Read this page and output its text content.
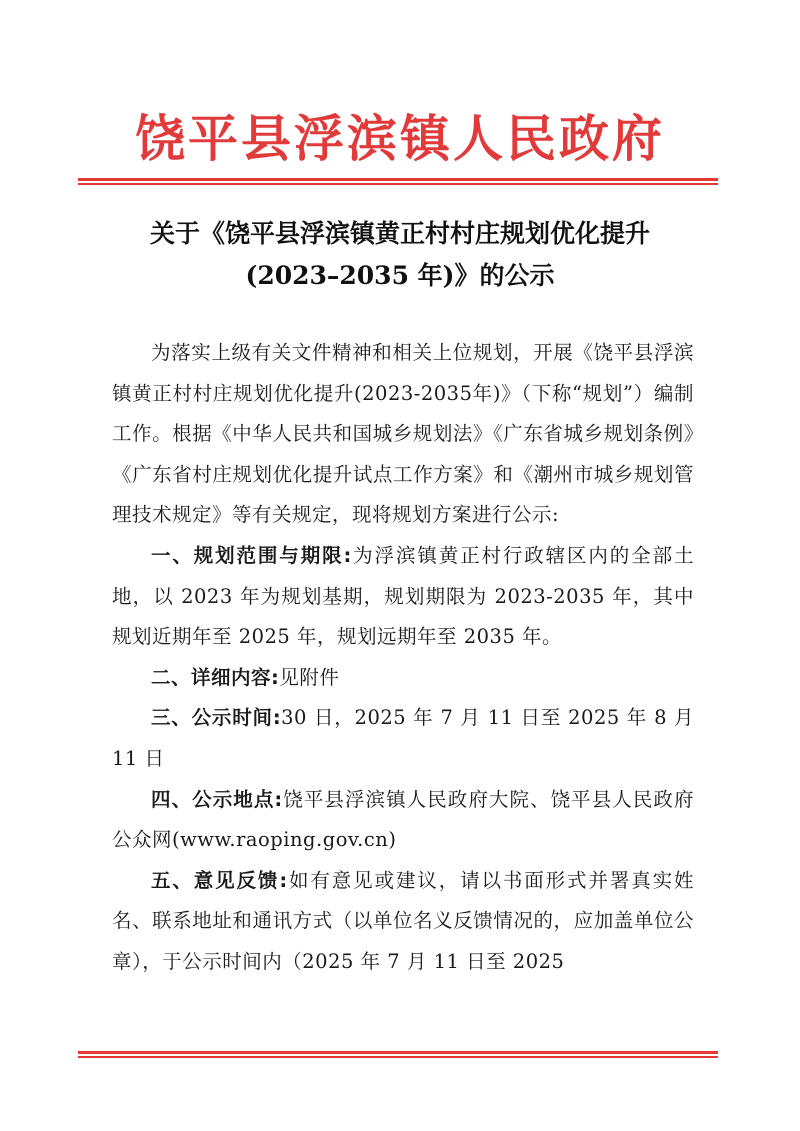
饶平县浮滨镇人民政府
关于《饶平县浮滨镇黄正村村庄规划优化提升
(2023–2035 年)》的公示

为落实上级有关文件精神和相关上位规划，开展《饶平县浮滨镇黄正村村庄规划优化提升(2023-2035年)》（下称“规划”）编制工作。根据《中华人民共和国城乡规划法》《广东省城乡规划条例》《广东省村庄规划优化提升试点工作方案》和《潮州市城乡规划管理技术规定》等有关规定，现将规划方案进行公示:

一、规划范围与期限:为浮滨镇黄正村行政辖区内的全部土地，以 2023 年为规划基期，规划期限为 2023-2035 年，其中规划近期年至 2025 年，规划远期年至 2035 年。

二、详细内容:见附件

三、公示时间:30 日，2025 年 7 月 11 日至 2025 年 8 月 11 日

四、公示地点:饶平县浮滨镇人民政府大院、饶平县人民政府公众网(www.raoping.gov.cn)

五、意见反馈:如有意见或建议，请以书面形式并署真实姓名、联系地址和通讯方式（以单位名义反馈情况的，应加盖单位公章），于公示时间内（2025 年 7 月 11 日至 2025
